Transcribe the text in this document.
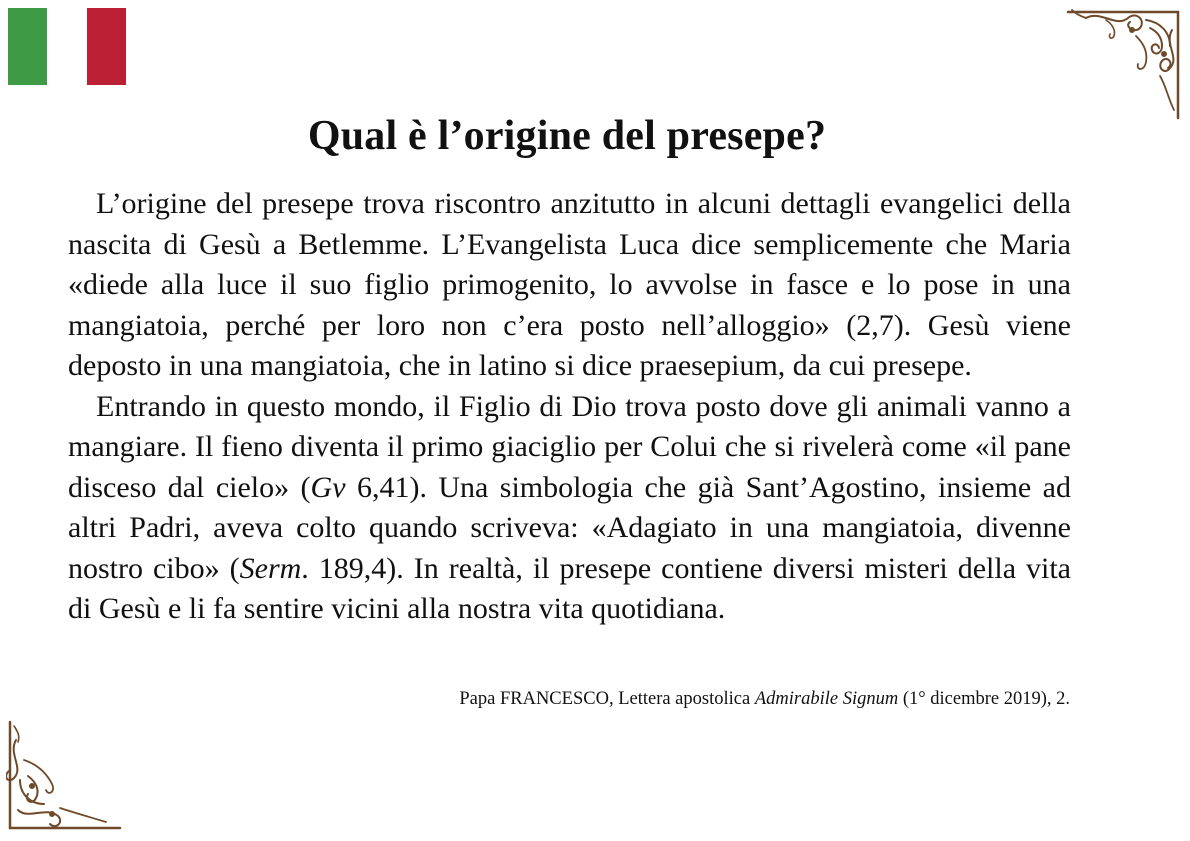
Qual è l’origine del presepe?

L’origine del presepe trova riscontro anzitutto in alcuni dettagli evangelici della nascita di Gesù a Betlemme. L’Evangelista Luca dice semplicemente che Maria «diede alla luce il suo figlio primogenito, lo avvolse in fasce e lo pose in una mangiatoia, perché per loro non c’era posto nell’alloggio» (2,7). Gesù viene deposto in una mangiatoia, che in latino si dice praesepium, da cui presepe.

Entrando in questo mondo, il Figlio di Dio trova posto dove gli animali vanno a mangiare. Il fieno diventa il primo giaciglio per Colui che si rivelerà come «il pane disceso dal cielo» (Gv 6,41). Una simbologia che già Sant’Agostino, insieme ad altri Padri, aveva colto quando scriveva: «Adagiato in una mangiatoia, divenne nostro cibo» (Serm. 189,4). In realtà, il presepe contiene diversi misteri della vita di Gesù e li fa sentire vicini alla nostra vita quotidiana.

Papa FRANCESCO, Lettera apostolica Admirabile Signum (1° dicembre 2019), 2.
